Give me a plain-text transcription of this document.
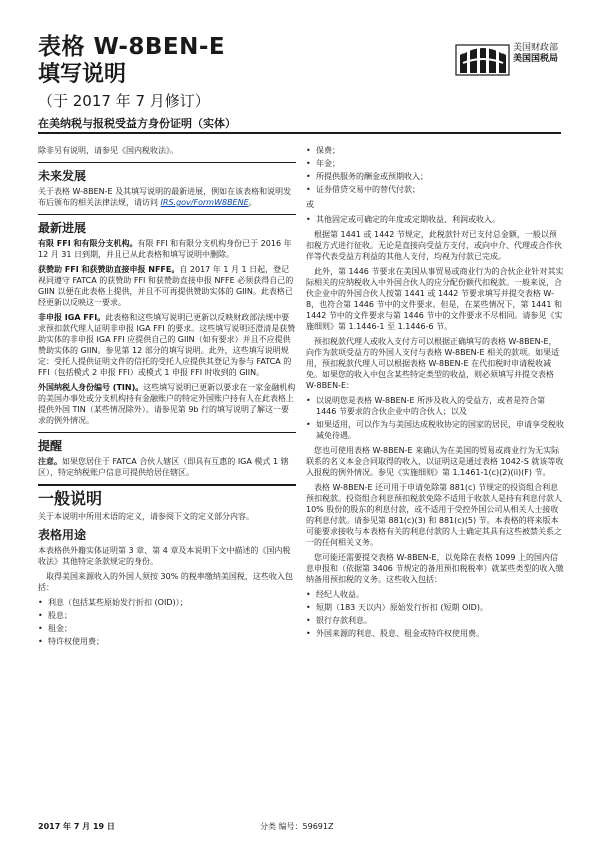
表格 W-8BEN-E
填写说明
（于 2017 年 7 月修订）
在美纳税与报税受益方身份证明（实体）
美国财政部
美国国税局

除非另有说明，请参见《国内税收法》。

未来发展

关于表格 W-8BEN-E 及其填写说明的最新进展，例如在该表格和说明发布后颁布的相关法律法规，请访问 IRS.gov/FormW8BENE。

最新进展

有限 FFI 和有限分支机构。有限 FFI 和有限分支机构身份已于 2016 年 12 月 31 日到期，并且已从此表格和填写说明中删除。

获赞助 FFI 和获赞助直接申报 NFFE。自 2017 年 1 月 1 日起，登记视同遵守 FATCA 的获赞助 FFI 和获赞助直接申报 NFFE 必须获得自己的 GIIN 以便在此表格上提供，并且不可再提供赞助实体的 GIIN。此表格已经更新以反映这一要求。

非申报 IGA FFI。此表格和这些填写说明已更新以反映财政部法规中要求预扣款代理人证明非申报 IGA FFI 的要求。这些填写说明还澄清是获赞助实体的非申报 IGA FFI 应提供自己的 GIIN（如有要求）并且不应提供赞助实体的 GIIN。参见第 12 部分的填写说明。此外，这些填写说明规定：受托人提供证明文件的信托的受托人应提供其登记为参与 FATCA 的 FFI（包括模式 2 申报 FFI）或模式 1 申报 FFI 时收到的 GIIN。

外国纳税人身份编号 (TIN)。这些填写说明已更新以要求在一家金融机构的美国办事处或分支机构持有金融账户的特定外国账户持有人在此表格上提供外国 TIN（某些情况除外）。请参见第 9b 行的填写说明了解这一要求的例外情况。

提醒

注意。如果您居住于 FATCA 合伙人辖区（即具有互惠的 IGA 模式 1 辖区），特定纳税账户信息可提供给居住辖区。

一般说明

关于本说明中所用术语的定义，请参阅下文的定义部分内容。

表格用途

本表格供外籍实体证明第 3 章、第 4 章及本说明下文中描述的《国内税收法》其他特定条款规定的身份。

取得美国来源收入的外国人须按 30% 的税率缴纳美国税，这些收入包括：

• 利息（包括某些原始发行折扣 (OID)）；
• 股息；
• 租金；
• 特许权使用费；
• 保费；
• 年金；
• 所提供服务的酬金或预期收入；
• 证券借贷交易中的替代付款；

或

• 其他固定或可确定的年度或定期收益、利润或收入。

根据第 1441 或 1442 节规定，此税款针对已支付总金额，一般以预扣税方式进行征收。无论是直接向受益方支付，或向中介、代理或合作伙伴等代表受益方利益的其他人支付，均视为付款已完成。

此外，第 1446 节要求在美国从事贸易或商业行为的合伙企业针对其实际相关的应纳税收入中外国合伙人的应分配份额代扣税款。一般来说，合伙企业中的外国合伙人按第 1441 或 1442 节要求填写并提交表格 W-8，也符合第 1446 节中的文件要求。但是，在某些情况下，第 1441 和 1442 节中的文件要求与第 1446 节中的文件要求不尽相同。请参见《实施细则》第 1.1446-1 至 1.1446-6 节。

预扣税款代理人或收入支付方可以根据正确填写的表格 W-8BEN-E，向作为款项受益方的外国人支付与表格 W-8BEN-E 相关的款项。如果适用，预扣税款代理人可以根据表格 W-8BEN-E 在代扣税时申请税收减免。如果您的收入中包含某些特定类型的收益，则必须填写并提交表格 W-8BEN-E：

• 以说明您是表格 W-8BEN-E 所涉及收入的受益方，或者是符合第 1446 节要求的合伙企业中的合伙人；以及
• 如果适用，可以作为与美国达成税收协定的国家的居民，申请享受税收减免待遇。

您也可使用表格 W-8BEN-E 来确认为在美国的贸易或商业行为无实际联系的名义本金合同取得的收入，以证明这是通过表格 1042-S 就该等收入报税的例外情况。参见《实施细则》第 1.1461-1(c)(2)(ii)(F) 节。

表格 W-8BEN-E 还可用于申请免除第 881(c) 节规定的投资组合利息预扣税款。投资组合利息预扣税款免除不适用于收款人是持有利息付款人 10% 股份的股东的利息付款，或不适用于受控外国公司从相关人士接收的利息付款。请参见第 881(c)(3) 和 881(c)(5) 节。本表格的将来版本可能要求接收与本表格有关的利息付款的人士确定其具有这些被禁关系之一的任何相关义务。

您可能还需要提交表格 W-8BEN-E，以免除在表格 1099 上的国内信息申报和（依据第 3406 节规定的备用预扣税税率）就某些类型的收入缴纳备用预扣税的义务。这些收入包括：

• 经纪人收益。
• 短期（183 天以内）原始发行折扣 (短期 OID)。
• 银行存款利息。
• 外国来源的利息、股息、租金或特许权使用费。
2017 年 7 月 19 日	分类 编号：59691Z
